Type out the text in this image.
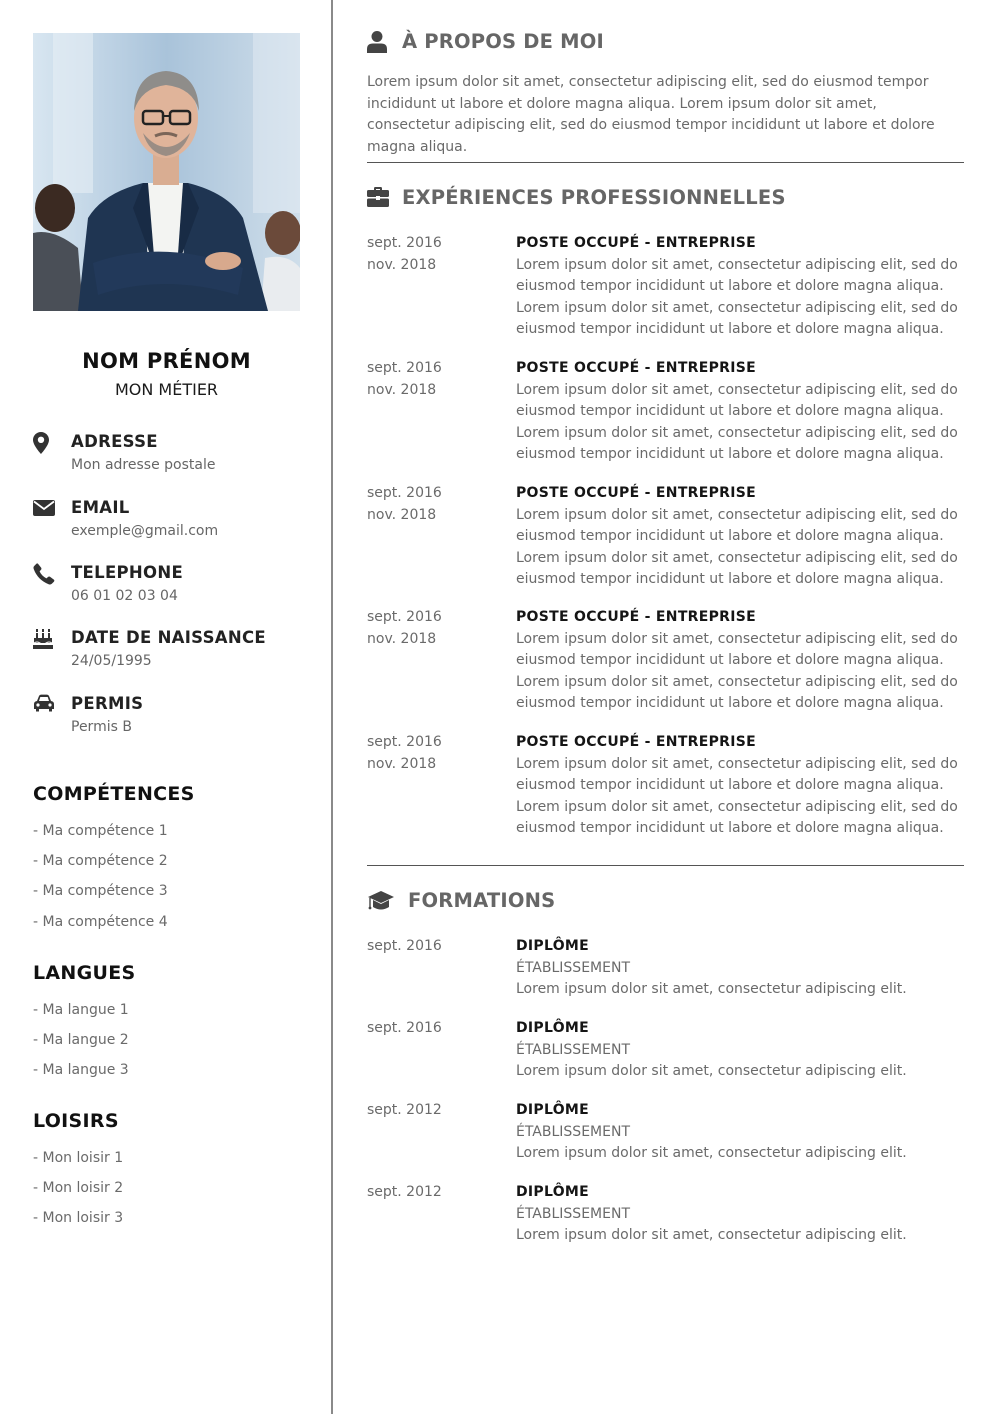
NOM PRÉNOM
MON MÉTIER
ADRESSE
Mon adresse postale
EMAIL
exemple@gmail.com
TELEPHONE
06 01 02 03 04
DATE DE NAISSANCE
24/05/1995
PERMIS
Permis B
COMPÉTENCES
- Ma compétence 1
- Ma compétence 2
- Ma compétence 3
- Ma compétence 4
LANGUES
- Ma langue 1
- Ma langue 2
- Ma langue 3
LOISIRS
- Mon loisir 1
- Mon loisir 2
- Mon loisir 3
À PROPOS DE MOI

Lorem ipsum dolor sit amet, consectetur adipiscing elit, sed do eiusmod tempor incididunt ut labore et dolore magna aliqua. Lorem ipsum dolor sit amet, consectetur adipiscing elit, sed do eiusmod tempor incididunt ut labore et dolore magna aliqua.

EXPÉRIENCES PROFESSIONNELLES
sept. 2016
nov. 2018
POSTE OCCUPÉ - ENTREPRISE

Lorem ipsum dolor sit amet, consectetur adipiscing elit, sed do eiusmod tempor incididunt ut labore et dolore magna aliqua. Lorem ipsum dolor sit amet, consectetur adipiscing elit, sed do eiusmod tempor incididunt ut labore et dolore magna aliqua.

sept. 2016
nov. 2018
POSTE OCCUPÉ - ENTREPRISE

Lorem ipsum dolor sit amet, consectetur adipiscing elit, sed do eiusmod tempor incididunt ut labore et dolore magna aliqua. Lorem ipsum dolor sit amet, consectetur adipiscing elit, sed do eiusmod tempor incididunt ut labore et dolore magna aliqua.

sept. 2016
nov. 2018
POSTE OCCUPÉ - ENTREPRISE

Lorem ipsum dolor sit amet, consectetur adipiscing elit, sed do eiusmod tempor incididunt ut labore et dolore magna aliqua. Lorem ipsum dolor sit amet, consectetur adipiscing elit, sed do eiusmod tempor incididunt ut labore et dolore magna aliqua.

sept. 2016
nov. 2018
POSTE OCCUPÉ - ENTREPRISE

Lorem ipsum dolor sit amet, consectetur adipiscing elit, sed do eiusmod tempor incididunt ut labore et dolore magna aliqua. Lorem ipsum dolor sit amet, consectetur adipiscing elit, sed do eiusmod tempor incididunt ut labore et dolore magna aliqua.

sept. 2016
nov. 2018
POSTE OCCUPÉ - ENTREPRISE

Lorem ipsum dolor sit amet, consectetur adipiscing elit, sed do eiusmod tempor incididunt ut labore et dolore magna aliqua. Lorem ipsum dolor sit amet, consectetur adipiscing elit, sed do eiusmod tempor incididunt ut labore et dolore magna aliqua.

FORMATIONS
sept. 2016	DIPLÔME
ÉTABLISSEMENT

Lorem ipsum dolor sit amet, consectetur adipiscing elit.

sept. 2016	DIPLÔME
ÉTABLISSEMENT

Lorem ipsum dolor sit amet, consectetur adipiscing elit.

sept. 2012	DIPLÔME
ÉTABLISSEMENT

Lorem ipsum dolor sit amet, consectetur adipiscing elit.

sept. 2012	DIPLÔME
ÉTABLISSEMENT

Lorem ipsum dolor sit amet, consectetur adipiscing elit.
